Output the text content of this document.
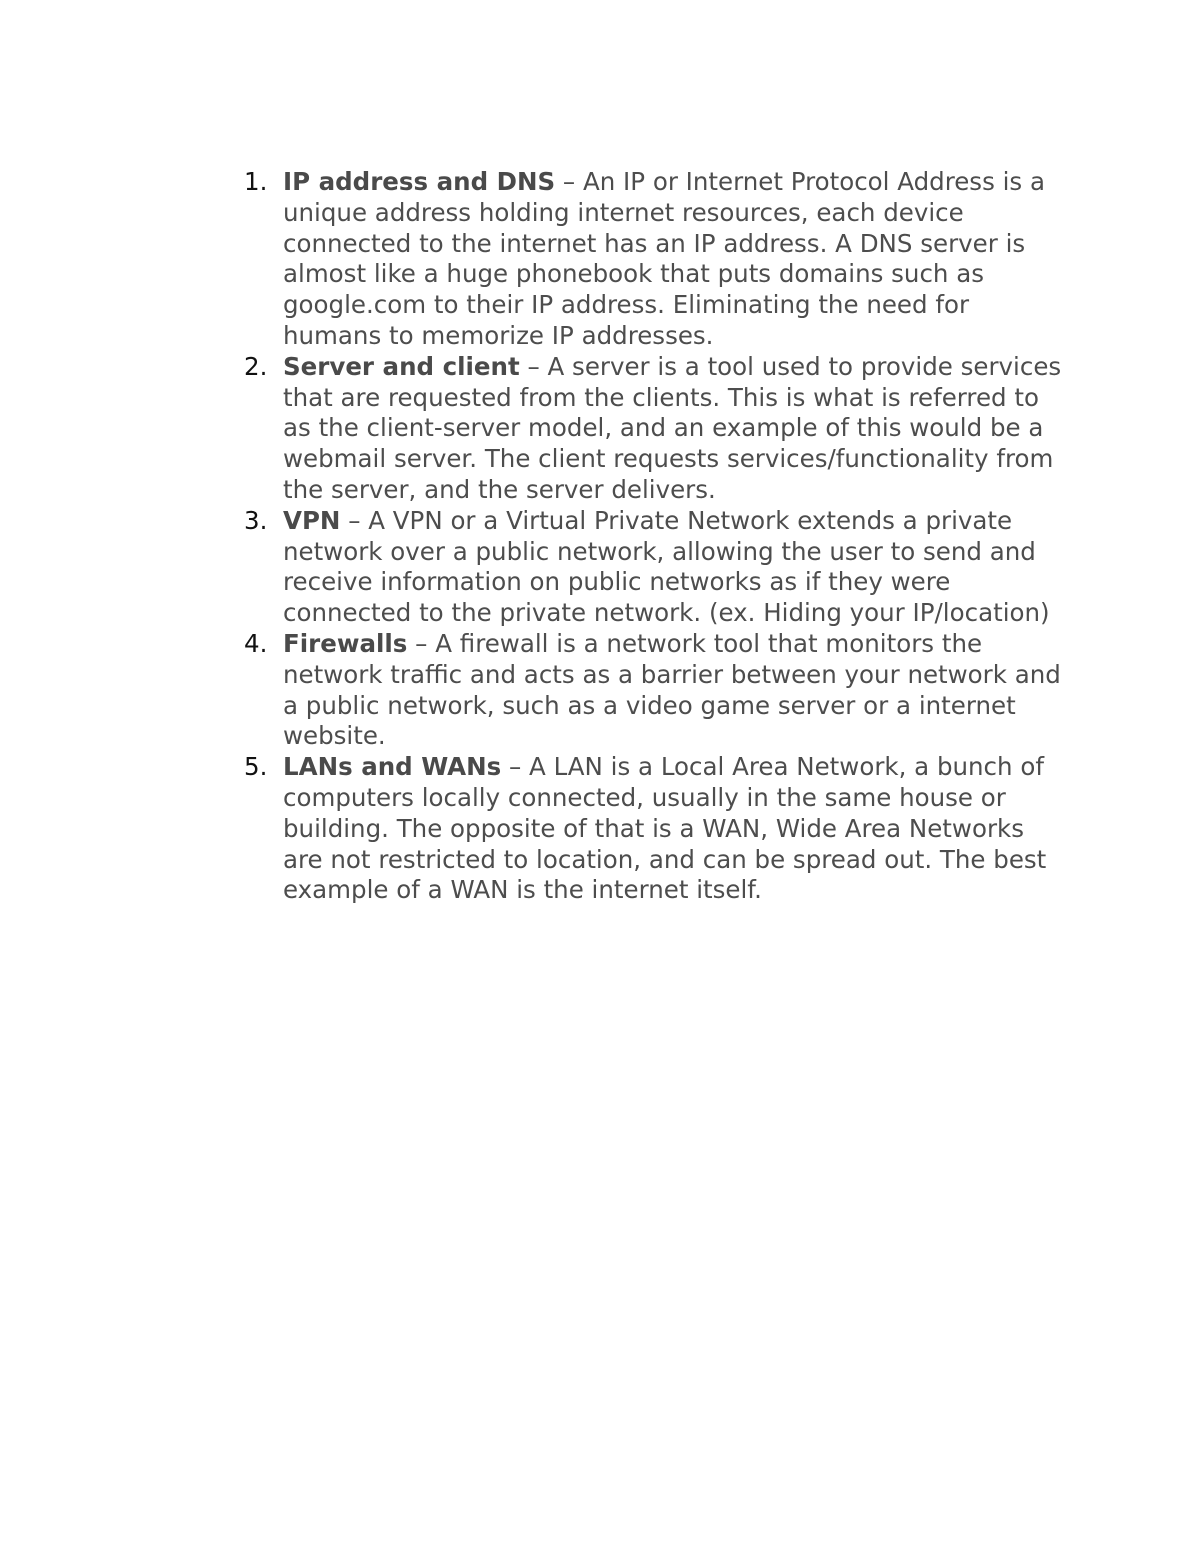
1. IP address and DNS – An IP or Internet Protocol Address is a unique address holding internet resources, each device connected to the internet has an IP address. A DNS server is almost like a huge phonebook that puts domains such as google.com to their IP address. Eliminating the need for humans to memorize IP addresses.
2. Server and client – A server is a tool used to provide services that are requested from the clients. This is what is referred to as the client-server model, and an example of this would be a webmail server. The client requests services/functionality from the server, and the server delivers.
3. VPN – A VPN or a Virtual Private Network extends a private network over a public network, allowing the user to send and receive information on public networks as if they were connected to the private network. (ex. Hiding your IP/location)
4. Firewalls – A firewall is a network tool that monitors the network traffic and acts as a barrier between your network and a public network, such as a video game server or a internet website.
5. LANs and WANs – A LAN is a Local Area Network, a bunch of computers locally connected, usually in the same house or building. The opposite of that is a WAN, Wide Area Networks are not restricted to location, and can be spread out. The best example of a WAN is the internet itself.
